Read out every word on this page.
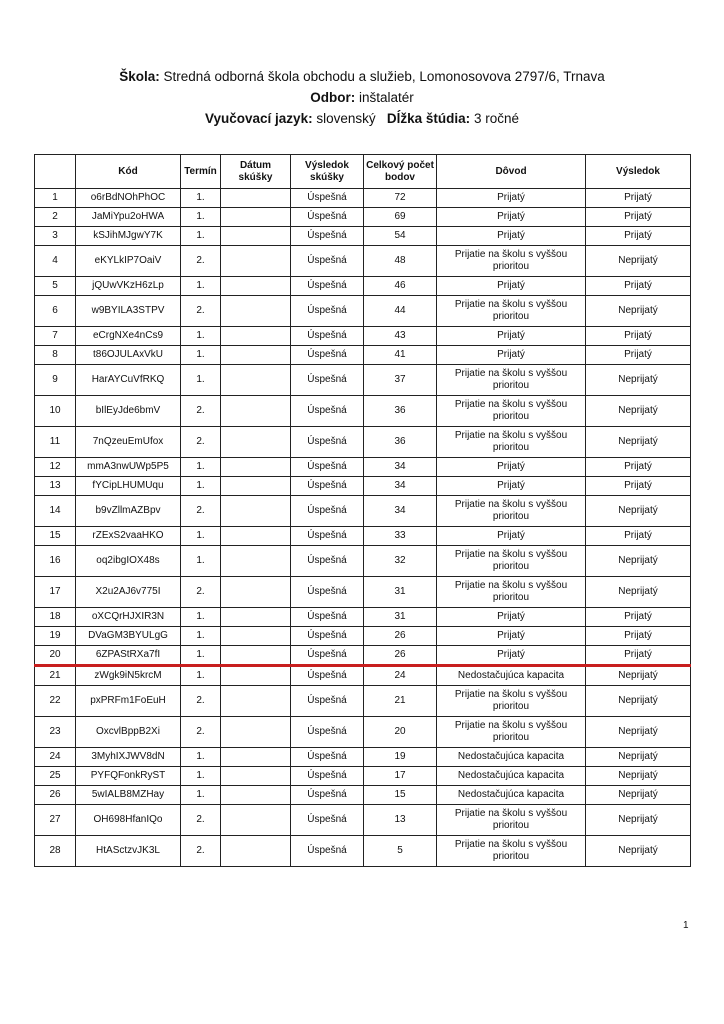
Škola: Stredná odborná škola obchodu a služieb, Lomonosovova 2797/6, Trnava
Odbor: inštalatér
Vyučovací jazyk: slovenský Dĺžka štúdia: 3 ročné
	Kód	Termín	Dátum skúšky	Výsledok skúšky	Celkový počet bodov	Dôvod	Výsledok
1	o6rBdNOhPhOC	1.		Úspešná	72	Prijatý	Prijatý
2	JaMiYpu2oHWA	1.		Úspešná	69	Prijatý	Prijatý
3	kSJihMJgwY7K	1.		Úspešná	54	Prijatý	Prijatý
4	eKYLkIP7OaiV	2.		Úspešná	48	Prijatie na školu s vyššou prioritou	Neprijatý
5	jQUwVKzH6zLp	1.		Úspešná	46	Prijatý	Prijatý
6	w9BYILA3STPV	2.		Úspešná	44	Prijatie na školu s vyššou prioritou	Neprijatý
7	eCrgNXe4nCs9	1.		Úspešná	43	Prijatý	Prijatý
8	t86OJULAxVkU	1.		Úspešná	41	Prijatý	Prijatý
9	HarAYCuVfRKQ	1.		Úspešná	37	Prijatie na školu s vyššou prioritou	Neprijatý
10	bIlEyJde6bmV	2.		Úspešná	36	Prijatie na školu s vyššou prioritou	Neprijatý
11	7nQzeuEmUfox	2.		Úspešná	36	Prijatie na školu s vyššou prioritou	Neprijatý
12	mmA3nwUWp5P5	1.		Úspešná	34	Prijatý	Prijatý
13	fYCipLHUMUqu	1.		Úspešná	34	Prijatý	Prijatý
14	b9vZllmAZBpv	2.		Úspešná	34	Prijatie na školu s vyššou prioritou	Neprijatý
15	rZExS2vaaHKO	1.		Úspešná	33	Prijatý	Prijatý
16	oq2ibgIOX48s	1.		Úspešná	32	Prijatie na školu s vyššou prioritou	Neprijatý
17	X2u2AJ6v775I	2.		Úspešná	31	Prijatie na školu s vyššou prioritou	Neprijatý
18	oXCQrHJXIR3N	1.		Úspešná	31	Prijatý	Prijatý
19	DVaGM3BYULgG	1.		Úspešná	26	Prijatý	Prijatý
20	6ZPAStRXa7fI	1.		Úspešná	26	Prijatý	Prijatý
21	zWgk9iN5krcM	1.		Úspešná	24	Nedostačujúca kapacita	Neprijatý
22	pxPRFm1FoEuH	2.		Úspešná	21	Prijatie na školu s vyššou prioritou	Neprijatý
23	OxcvlBppB2Xi	2.		Úspešná	20	Prijatie na školu s vyššou prioritou	Neprijatý
24	3MyhIXJWV8dN	1.		Úspešná	19	Nedostačujúca kapacita	Neprijatý
25	PYFQFonkRyST	1.		Úspešná	17	Nedostačujúca kapacita	Neprijatý
26	5wIALB8MZHay	1.		Úspešná	15	Nedostačujúca kapacita	Neprijatý
27	OH698HfanIQo	2.		Úspešná	13	Prijatie na školu s vyššou prioritou	Neprijatý
28	HtASctzvJK3L	2.		Úspešná	5	Prijatie na školu s vyššou prioritou	Neprijatý
1
